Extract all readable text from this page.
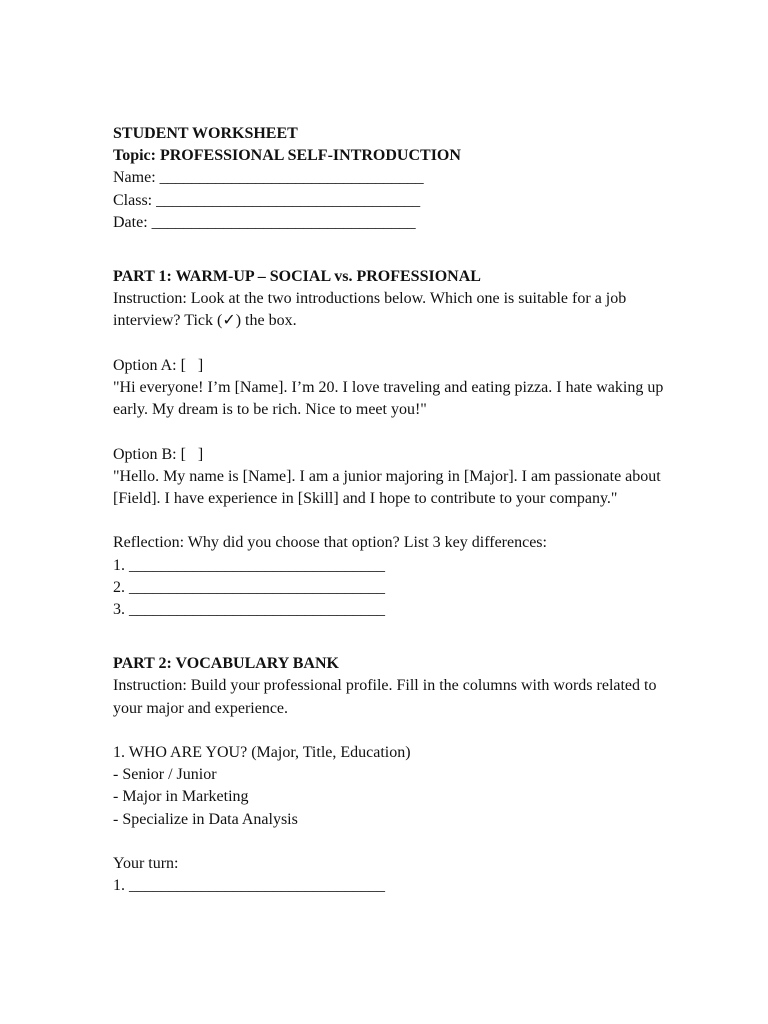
STUDENT WORKSHEET

Topic: PROFESSIONAL SELF-INTRODUCTION

Name: _________________________________

Class: _________________________________

Date: _________________________________

PART 1: WARM-UP – SOCIAL vs. PROFESSIONAL

Instruction: Look at the two introductions below. Which one is suitable for a job interview? Tick (✓) the box.

Option A: [   ]

"Hi everyone! I’m [Name]. I’m 20. I love traveling and eating pizza. I hate waking up early. My dream is to be rich. Nice to meet you!"

Option B: [   ]

"Hello. My name is [Name]. I am a junior majoring in [Major]. I am passionate about [Field]. I have experience in [Skill] and I hope to contribute to your company."

Reflection: Why did you choose that option? List 3 key differences:

1. ________________________________

2. ________________________________

3. ________________________________

PART 2: VOCABULARY BANK

Instruction: Build your professional profile. Fill in the columns with words related to your major and experience.

1. WHO ARE YOU? (Major, Title, Education)

- Senior / Junior

- Major in Marketing

- Specialize in Data Analysis

Your turn:

1. ________________________________
